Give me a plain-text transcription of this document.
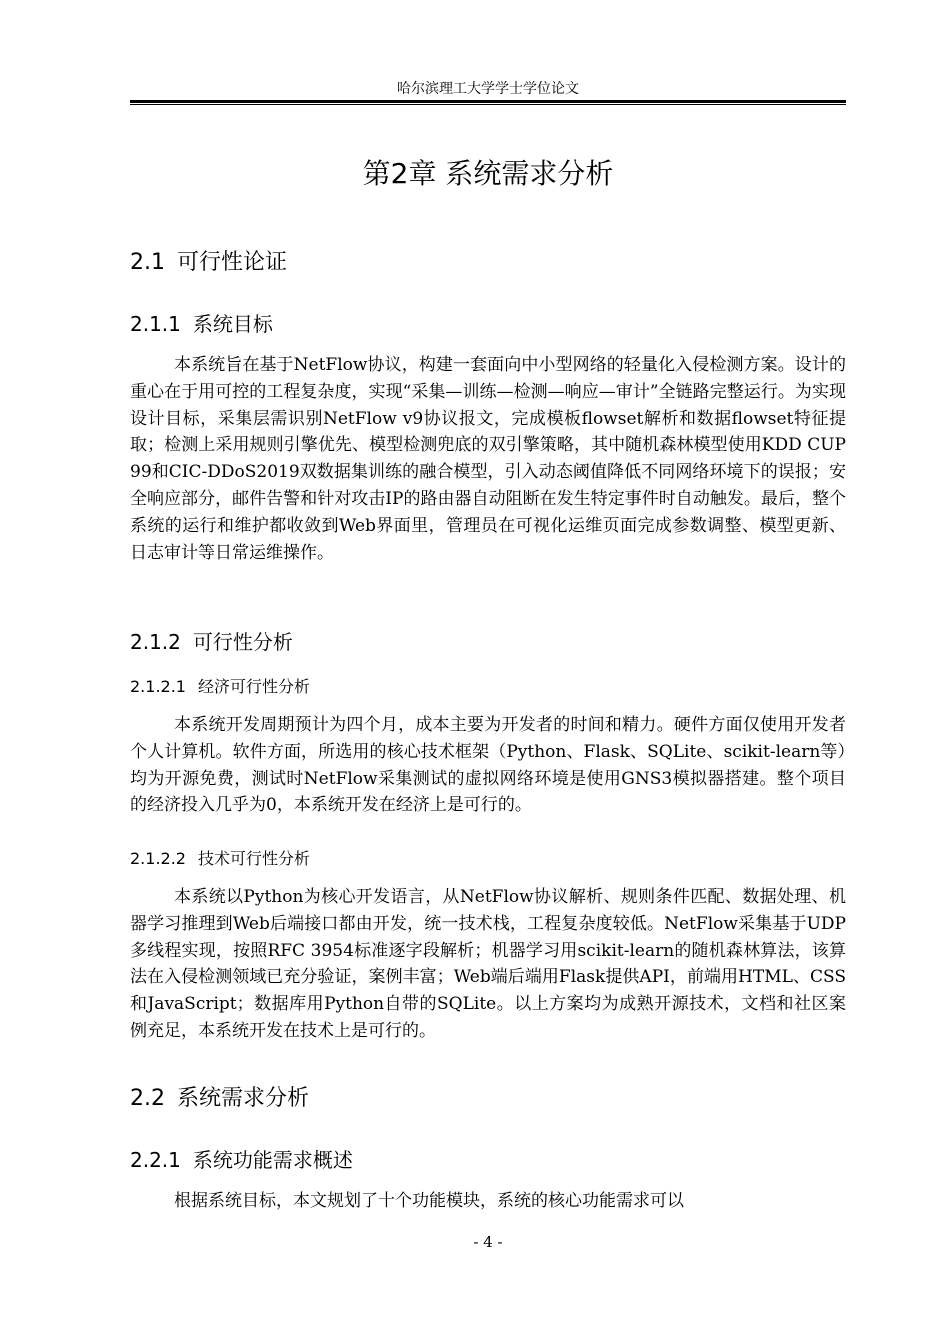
哈尔滨理工大学学士学位论文
第2章 系统需求分析
2.1 可行性论证
2.1.1 系统目标

本系统旨在基于NetFlow协议，构建一套面向中小型网络的轻量化入侵检测方案。设计的重心在于用可控的工程复杂度，实现“采集—训练—检测—响应—审计”全链路完整运行。为实现设计目标，采集层需识别NetFlow v9协议报文，完成模板flowset解析和数据flowset特征提取；检测上采用规则引擎优先、模型检测兜底的双引擎策略，其中随机森林模型使用KDD CUP 99和CIC-DDoS2019双数据集训练的融合模型，引入动态阈值降低不同网络环境下的误报；安全响应部分，邮件告警和针对攻击IP的路由器自动阻断在发生特定事件时自动触发。最后，整个系统的运行和维护都收敛到Web界面里，管理员在可视化运维页面完成参数调整、模型更新、日志审计等日常运维操作。

2.1.2 可行性分析
2.1.2.1 经济可行性分析

本系统开发周期预计为四个月，成本主要为开发者的时间和精力。硬件方面仅使用开发者个人计算机。软件方面，所选用的核心技术框架（Python、Flask、SQLite、scikit-learn等）均为开源免费，测试时NetFlow采集测试的虚拟网络环境是使用GNS3模拟器搭建。整个项目的经济投入几乎为0，本系统开发在经济上是可行的。

2.1.2.2 技术可行性分析

本系统以Python为核心开发语言，从NetFlow协议解析、规则条件匹配、数据处理、机器学习推理到Web后端接口都由开发，统一技术栈，工程复杂度较低。NetFlow采集基于UDP多线程实现，按照RFC 3954标准逐字段解析；机器学习用scikit-learn的随机森林算法，该算法在入侵检测领域已充分验证，案例丰富；Web端后端用Flask提供API，前端用HTML、CSS和JavaScript；数据库用Python自带的SQLite。以上方案均为成熟开源技术，文档和社区案例充足，本系统开发在技术上是可行的。

2.2 系统需求分析
2.2.1 系统功能需求概述

根据系统目标，本文规划了十个功能模块，系统的核心功能需求可以

- 4 -
